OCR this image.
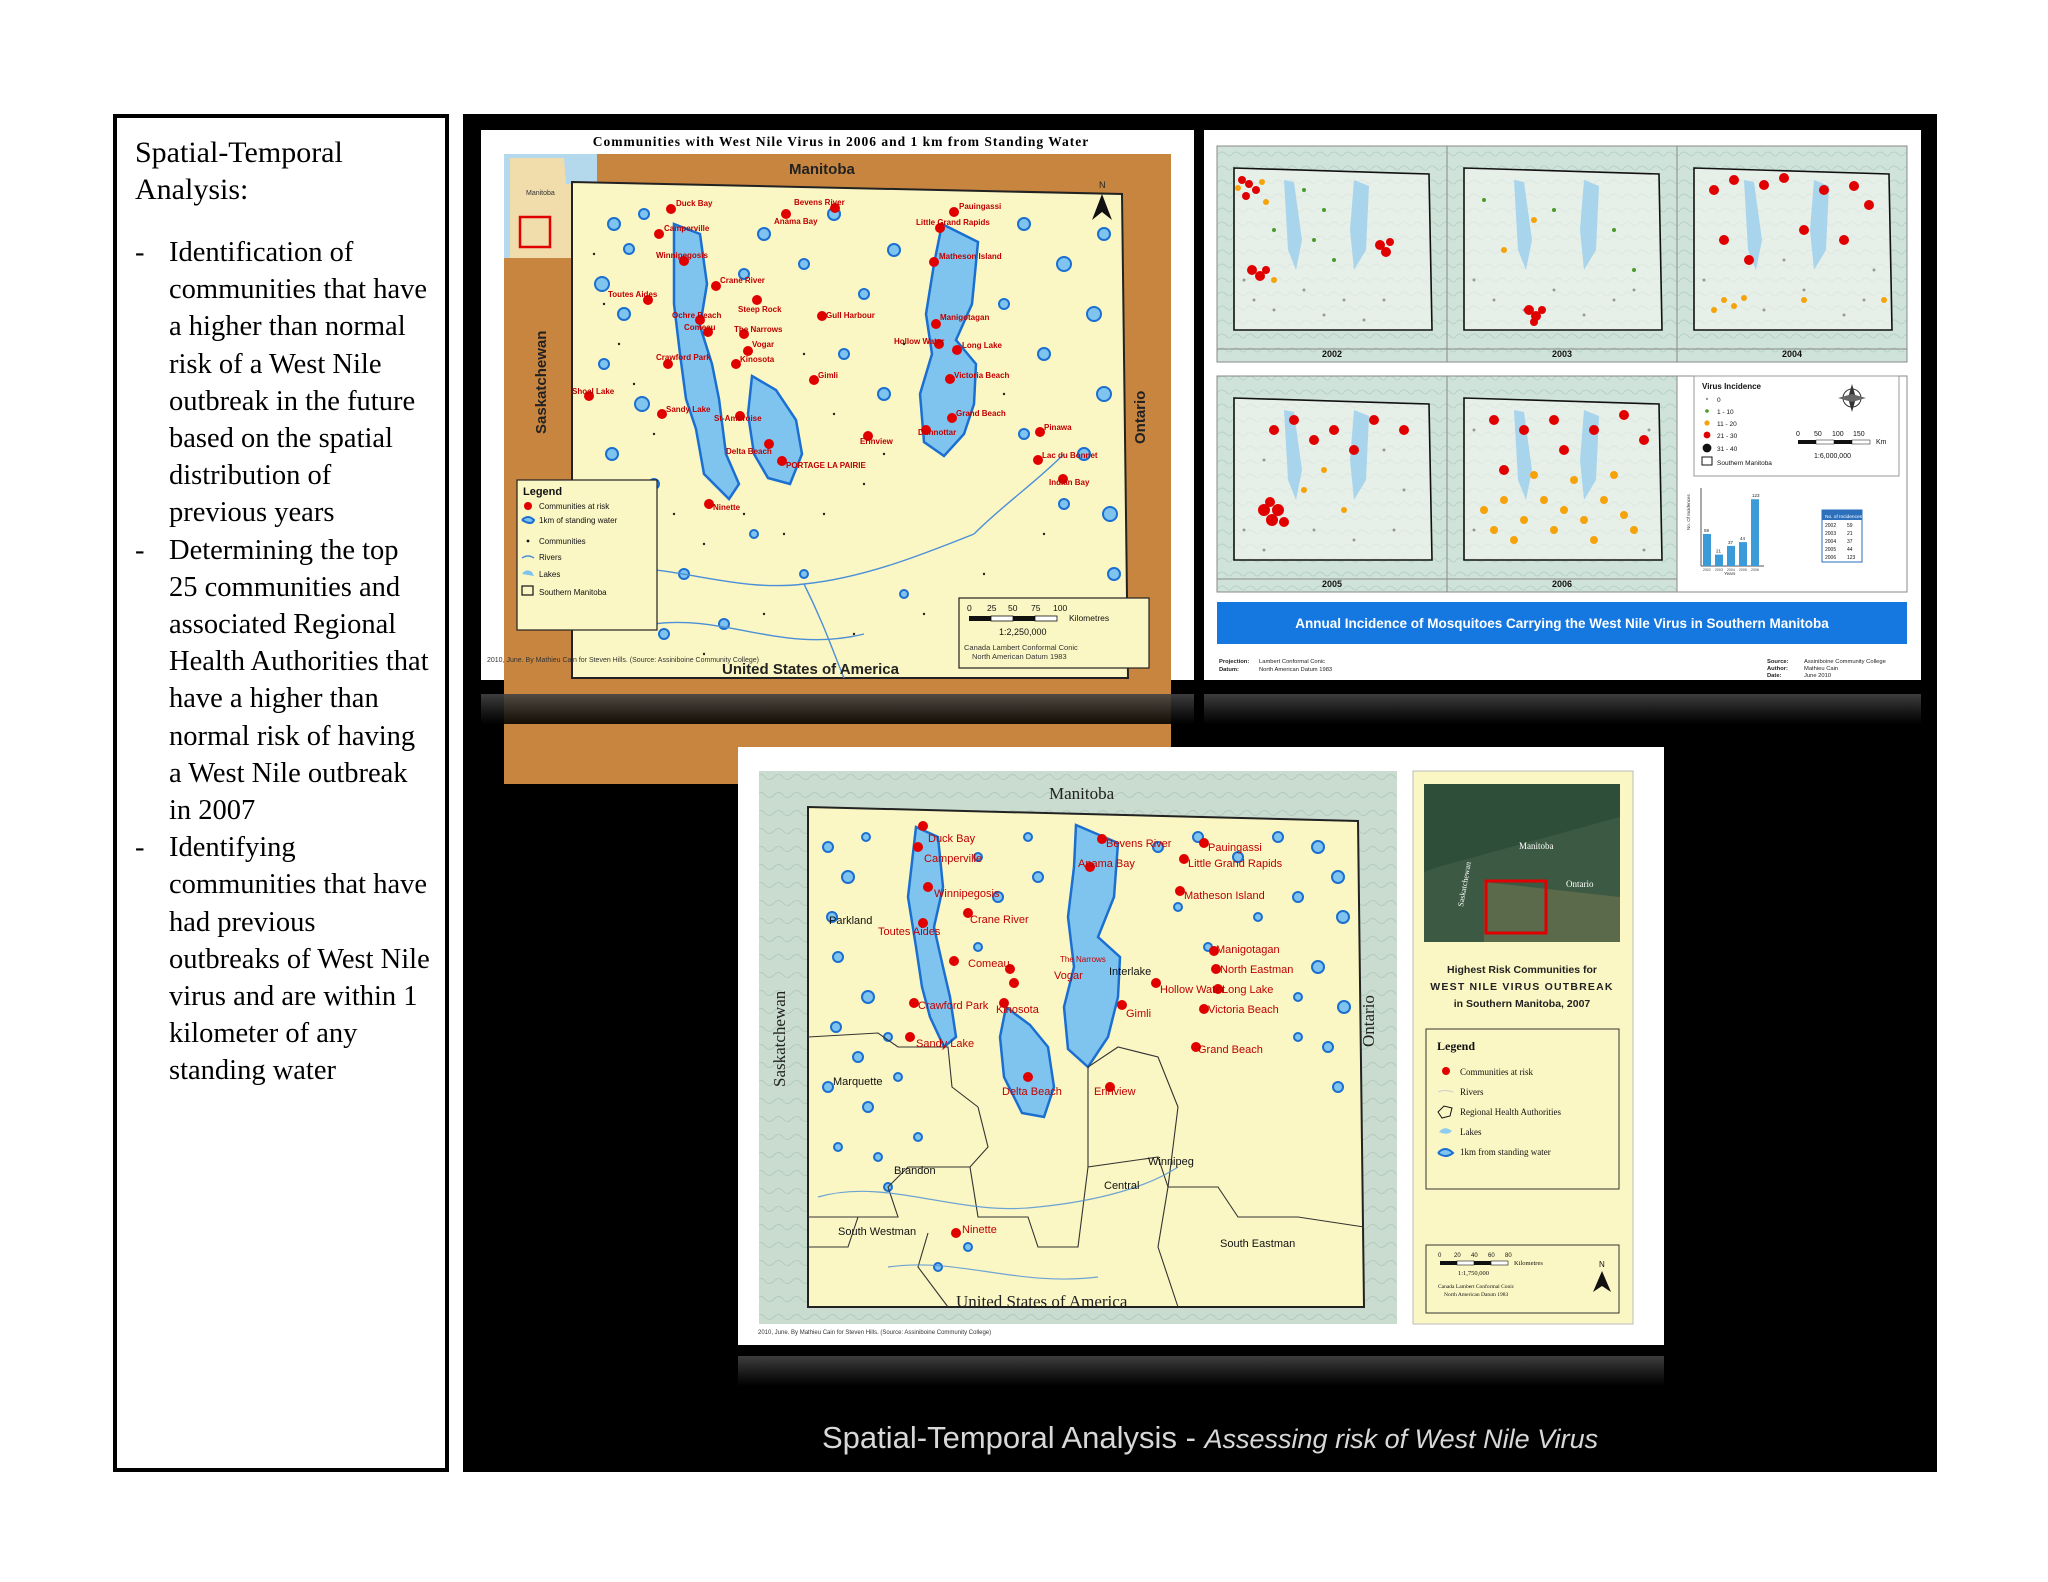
Spatial-Temporal Analysis:
- Identification of communities that have a higher than normal risk of a West Nile outbreak in the future based on the spatial distribution of previous years
- Determining the top 25 communities and associated Regional Health Authorities that have a higher than normal risk of having a West Nile outbreak in 2007
- Identifying communities that have had previous outbreaks of West Nile virus and are within 1 kilometer of any standing water
Communities with West Nile Virus in 2006 and 1 km from Standing Water
Manitoba
Duck Bay
Camperville
Bevens River	Pauingassi
Little Grand Rapids
Anama Bay
Matheson Island
Winnipegosis
Crane River
Toutes Aides
Steep Rock
Ochre Beach
Comeau The Narrows
Gull Harbour	Manigotagan
Vogar	Hollow Water Long Lake
Crawford Park	Kinosota
Victoria Beach
Shoal Lake
Sandy Lake
Gimli
Grand Beach
St-Ambroise
Dunnottar
Pinawa
Delta Beach
Erinview
Lac du Bonnet
PORTAGE LA PAIRIE
Indian Bay
Ninette
Manitoba
Saskatchewan	Ontario
United States of America
N
Legend
Communities at risk
1km of standing water
Communities
Rivers
Lakes
Southern Manitoba
0 25 50 75 100
Kilometres
1:2,250,000
Canada Lambert Conformal Conic
North American Datum 1983
2010, June. By Mathieu Cain for Steven Hills. (Source: Assiniboine Community College)
2002	2003	2004
2005	2006
Virus Incidence
0
1 - 10
11 - 20
21 - 30
31 - 40
Southern Manitoba
0 50 100 150
Km
1:6,000,000
No. Of Incidences
Years
59
2002
21
2003
37
2004
44
2005
123
2006
No. of Incidences
2002 59
2003 21
2004 37
2005 44
2006 123
Annual Incidence of Mosquitoes Carrying the West Nile Virus in Southern Manitoba
Projection: Lambert Conformal Conic
Datum:	North American Datum 1983
Source:	Assiniboine Community College
Author:	Mathieu Cain
Date:	June 2010
Duck Bay
Camperville
Bevens River	Pauingassi
Little Grand Rapids
Anama Bay
Matheson Island
Winnipegosis
Crane River
Toutes Aides
Manigotagan
Comeau	The Narrows
Vogar	North Eastman
Hollow Water
Long Lake
Crawford Park Kinosota	Gimli	Victoria Beach
Sandy Lake	Grand Beach
Delta Beach	Erinview
Ninette
Parkland
Interlake
Marquette
Brandon
Central
Winnipeg
South Westman
South Eastman
Manitoba
Saskatchewan	Ontario
United States of America
2010, June. By Mathieu Cain for Steven Hills. (Source: Assiniboine Community College)
Manitoba
Ontario
Saskatchewan
Highest Risk Communities for
WEST NILE VIRUS OUTBREAK
in Southern Manitoba, 2007
Legend
Communities at risk
Rivers
Regional Health Authorities
Lakes
1km from standing water
0 20 40 60 80
Kilometres
1:1,750,000
Canada Lambert Conformal Conic
North American Datum 1983
N
Spatial-Temporal Analysis - Assessing risk of West Nile Virus
